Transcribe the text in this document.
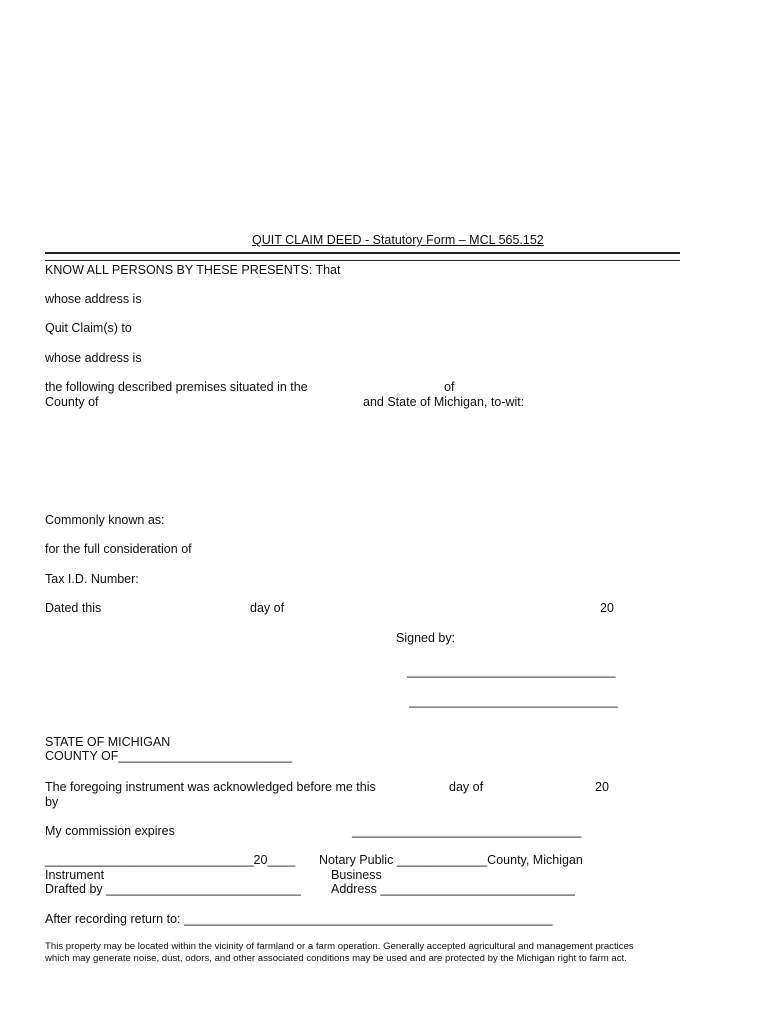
QUIT CLAIM DEED - Statutory Form – MCL 565.152
KNOW ALL PERSONS BY THESE PRESENTS: That
whose address is
Quit Claim(s) to
whose address is
the following described premises situated in the	of
County of	and State of Michigan, to-wit:
Commonly known as:
for the full consideration of
Tax I.D. Number:
Dated this	day of	20
Signed by:
______________________________
______________________________
STATE OF MICHIGAN
COUNTY OF_________________________
The foregoing instrument was acknowledged before me this	day of	20
by
My commission expires	_________________________________
______________________________20____
Instrument
Drafted by ____________________________
Notary Public _____________County, Michigan
Business
Address ____________________________
After recording return to: _____________________________________________________
This property may be located within the vicinity of farmland or a farm operation. Generally accepted agricultural and management practices which may generate noise, dust, odors, and other associated conditions may be used and are protected by the Michigan right to farm act.
